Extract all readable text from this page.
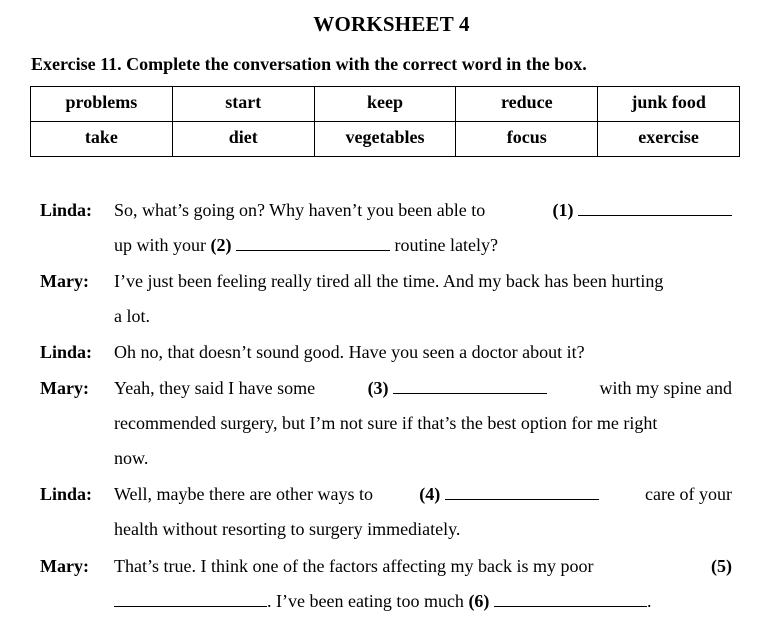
WORKSHEET 4
Exercise 11. Complete the conversation with the correct word in the box.
problems	start	keep	reduce	junk food
take	diet	vegetables	focus	exercise
Linda: So, what’s going on? Why haven’t you been able to	(1)
up with your (2)	routine lately?
Mary: I’ve just been feeling really tired all the time. And my back has been hurting
a lot.
Linda: Oh no, that doesn’t sound good. Have you seen a doctor about it?
Mary: Yeah, they said I have some	(3)	with my spine and
recommended surgery, but I’m not sure if that’s the best option for me right
now.
Linda: Well, maybe there are other ways to	(4)	care of your
health without resorting to surgery immediately.
Mary: That’s true. I think one of the factors affecting my back is my poor	(5)
. I’ve been eating too much (6)	.
